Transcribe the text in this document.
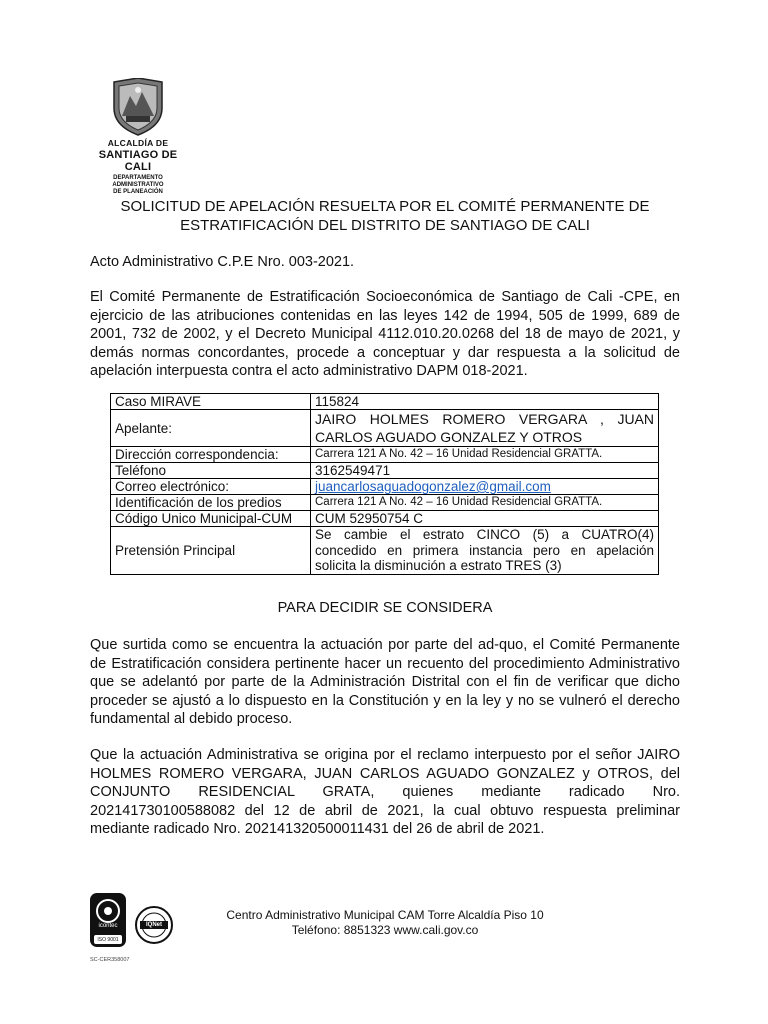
ALCALDÍA DE
SANTIAGO DE CALI
DEPARTAMENTO ADMINISTRATIVO
DE PLANEACIÓN
SOLICITUD DE APELACIÓN RESUELTA POR EL COMITÉ PERMANENTE DE
ESTRATIFICACIÓN DEL DISTRITO DE SANTIAGO DE CALI
Acto Administrativo C.P.E Nro. 003-2021.
El Comité Permanente de Estratificación Socioeconómica de Santiago de Cali -CPE, en ejercicio de las atribuciones contenidas en las leyes 142 de 1994, 505 de 1999, 689 de 2001, 732 de 2002, y el Decreto Municipal 4112.010.20.0268 del 18 de mayo de 2021, y demás normas concordantes, procede a conceptuar y dar respuesta a la solicitud de apelación interpuesta contra el acto administrativo DAPM 018-2021.
Caso MIRAVE	115824
Apelante:	JAIRO HOLMES ROMERO VERGARA , JUAN CARLOS AGUADO GONZALEZ Y OTROS
Dirección correspondencia:	Carrera 121 A No. 42 – 16 Unidad Residencial GRATTA.
Teléfono	3162549471
Correo electrónico:	juancarlosaguadogonzalez@gmail.com
Identificación de los predios	Carrera 121 A No. 42 – 16 Unidad Residencial GRATTA.
Código Unico Municipal-CUM	CUM 52950754 C
Pretensión Principal	Se cambie el estrato CINCO (5) a CUATRO(4) concedido en primera instancia pero en apelación solicita la disminución a estrato TRES (3)
PARA DECIDIR SE CONSIDERA
Que surtida como se encuentra la actuación por parte del ad-quo, el Comité Permanente de Estratificación considera pertinente hacer un recuento del procedimiento Administrativo que se adelantó por parte de la Administración Distrital con el fin de verificar que dicho proceder se ajustó a lo dispuesto en la Constitución y en la ley y no se vulneró el derecho fundamental al debido proceso.
Que la actuación Administrativa se origina por el reclamo interpuesto por el señor JAIRO HOLMES ROMERO VERGARA, JUAN CARLOS AGUADO GONZALEZ y OTROS, del CONJUNTO RESIDENCIAL GRATA, quienes mediante radicado Nro. 202141730100588082 del 12 de abril de 2021, la cual obtuvo respuesta preliminar mediante radicado Nro. 202141320500011431 del 26 de abril de 2021.

icontec
ISO 9001
IQNet
SC-CER358007
Centro Administrativo Municipal CAM Torre Alcaldía Piso 10
Teléfono: 8851323 www.cali.gov.co
